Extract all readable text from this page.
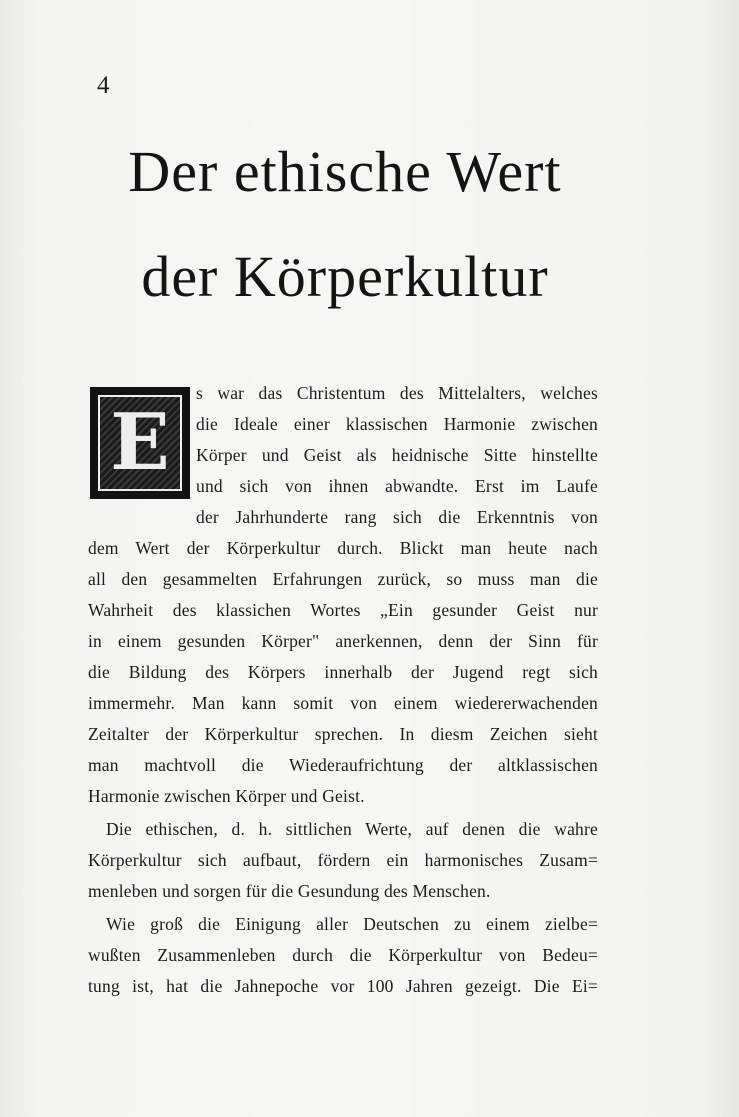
4
Der ethische Wert
der Körperkultur
E
s war das Christentum des Mittelalters, welches
die Ideale einer klassischen Harmonie zwischen
Körper und Geist als heidnische Sitte hinstellte
und sich von ihnen abwandte. Erst im Laufe
der Jahrhunderte rang sich die Erkenntnis von
dem Wert der Körperkultur durch. Blickt man heute nach
all den gesammelten Erfahrungen zurück, so muss man die
Wahrheit des klassichen Wortes „Ein gesunder Geist nur
in einem gesunden Körper" anerkennen, denn der Sinn für
die Bildung des Körpers innerhalb der Jugend regt sich
immermehr. Man kann somit von einem wiedererwachenden
Zeitalter der Körperkultur sprechen. In diesm Zeichen sieht
man machtvoll die Wiederaufrichtung der altklassischen
Harmonie zwischen Körper und Geist.
Die ethischen, d. h. sittlichen Werte, auf denen die wahre
Körperkultur sich aufbaut, fördern ein harmonisches Zusam=
menleben und sorgen für die Gesundung des Menschen.
Wie groß die Einigung aller Deutschen zu einem zielbe=
wußten Zusammenleben durch die Körperkultur von Bedeu=
tung ist, hat die Jahnepoche vor 100 Jahren gezeigt. Die Ei=
